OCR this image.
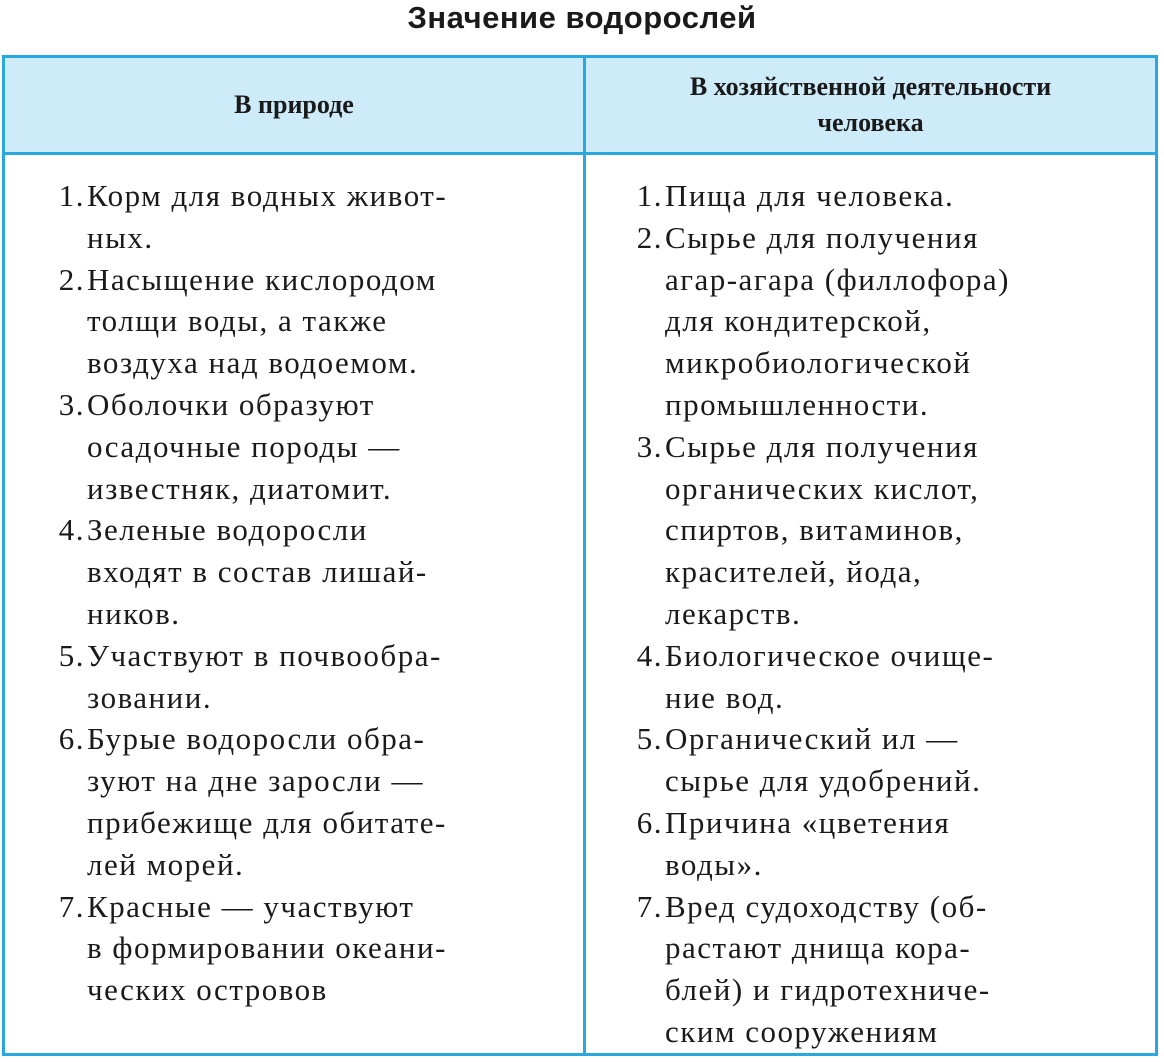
Значение водорослей
В природе
В хозяйственной деятельности
человека
1. Корм для водных живот-
ных.
2. Насыщение кислородом
толщи воды, а также
воздуха над водоемом.
3. Оболочки образуют
осадочные породы —
известняк, диатомит.
4. Зеленые водоросли
входят в состав лишай-
ников.
5. Участвуют в почвообра-
зовании.
6. Бурые водоросли обра-
зуют на дне заросли —
прибежище для обитате-
лей морей.
7. Красные — участвуют
в формировании океани-
ческих островов
1. Пища для человека.
2. Сырье для получения
агар-агара (филлофора)
для кондитерской,
микробиологической
промышленности.
3. Сырье для получения
органических кислот,
спиртов, витаминов,
красителей, йода,
лекарств.
4. Биологическое очище-
ние вод.
5. Органический ил —
сырье для удобрений.
6. Причина «цветения
воды».
7. Вред судоходству (об-
растают днища кора-
блей) и гидротехниче-
ским сооружениям
